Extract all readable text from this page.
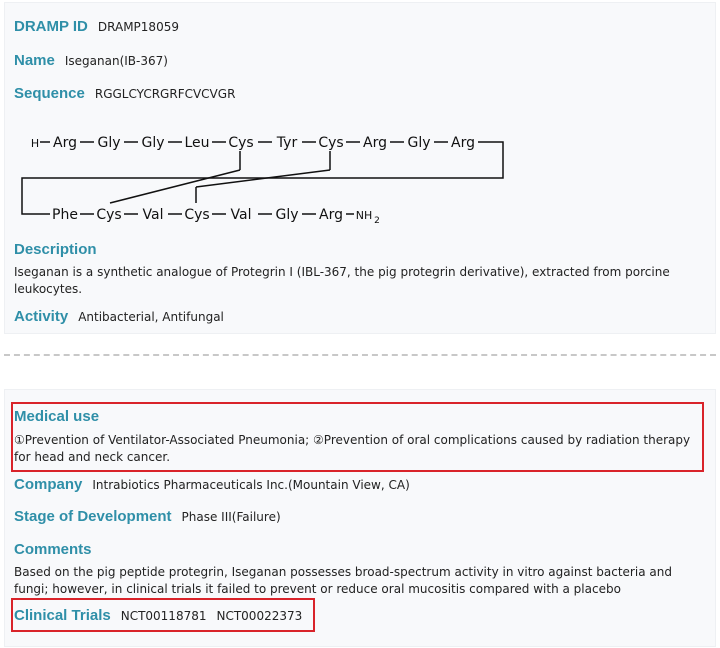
DRAMP ID DRAMP18059
Name Iseganan(IB-367)
Sequence RGGLCYCRGRFCVCVGR
H Arg Gly Gly Leu Cys Tyr Cys Arg Gly Arg
Phe Cys Val Cys Val Gly Arg NH 2
Description
Iseganan is a synthetic analogue of Protegrin I (IBL-367, the pig protegrin derivative), extracted from porcine leukocytes.
Activity Antibacterial, Antifungal
Medical use
①Prevention of Ventilator-Associated Pneumonia; ②Prevention of oral complications caused by radiation therapy for head and neck cancer.
Company Intrabiotics Pharmaceuticals Inc.(Mountain View, CA)
Stage of Development Phase III(Failure)
Comments
Based on the pig peptide protegrin, Iseganan possesses broad-spectrum activity in vitro against bacteria and fungi; however, in clinical trials it failed to prevent or reduce oral mucositis compared with a placebo
Clinical Trials NCT00118781 NCT00022373
